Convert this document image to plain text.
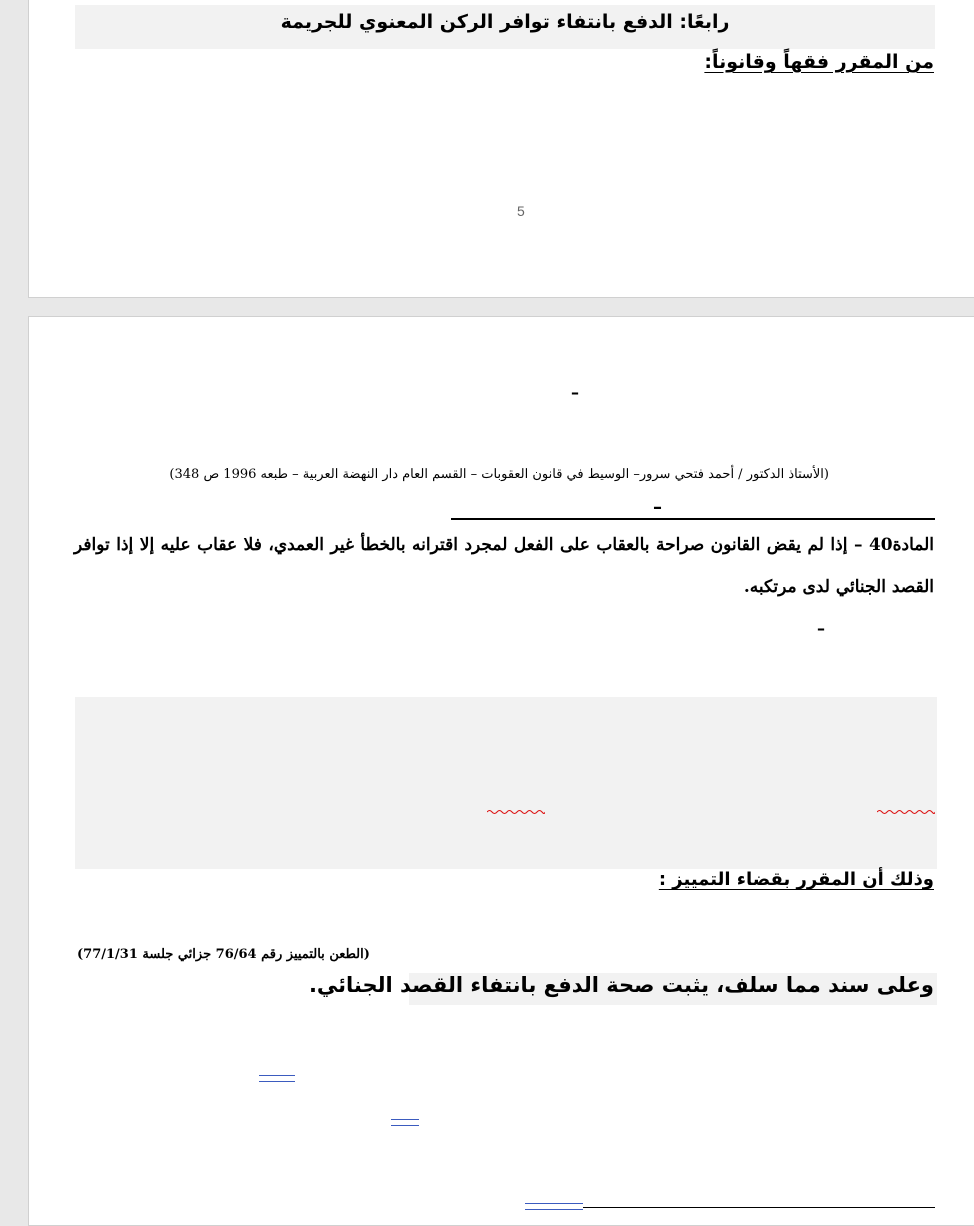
رابعًا: الدفع بانتفاء توافر الركن المعنوي للجريمة
من المقرر فقهاً وقانوناً:
5
–
(الأستاذ الدكتور / أحمد فتحي سرور– الوسيط في قانون العقوبات – القسم العام دار النهضة العربية – طبعه 1996 ص 348)
–
المادة40 – إذا لم يقض القانون صراحة بالعقاب على الفعل لمجرد اقترانه بالخطأ غير العمدي، فلا عقاب عليه إلا إذا توافر القصد الجنائي لدى مرتكبه.
–
وذلك أن المقرر بقضاء التمييز :
(الطعن بالتمييز رقم 76/64 جزائي جلسة 77/1/31)
وعلى سند مما سلف، يثبت صحة الدفع بانتفاء القصد الجنائي.
